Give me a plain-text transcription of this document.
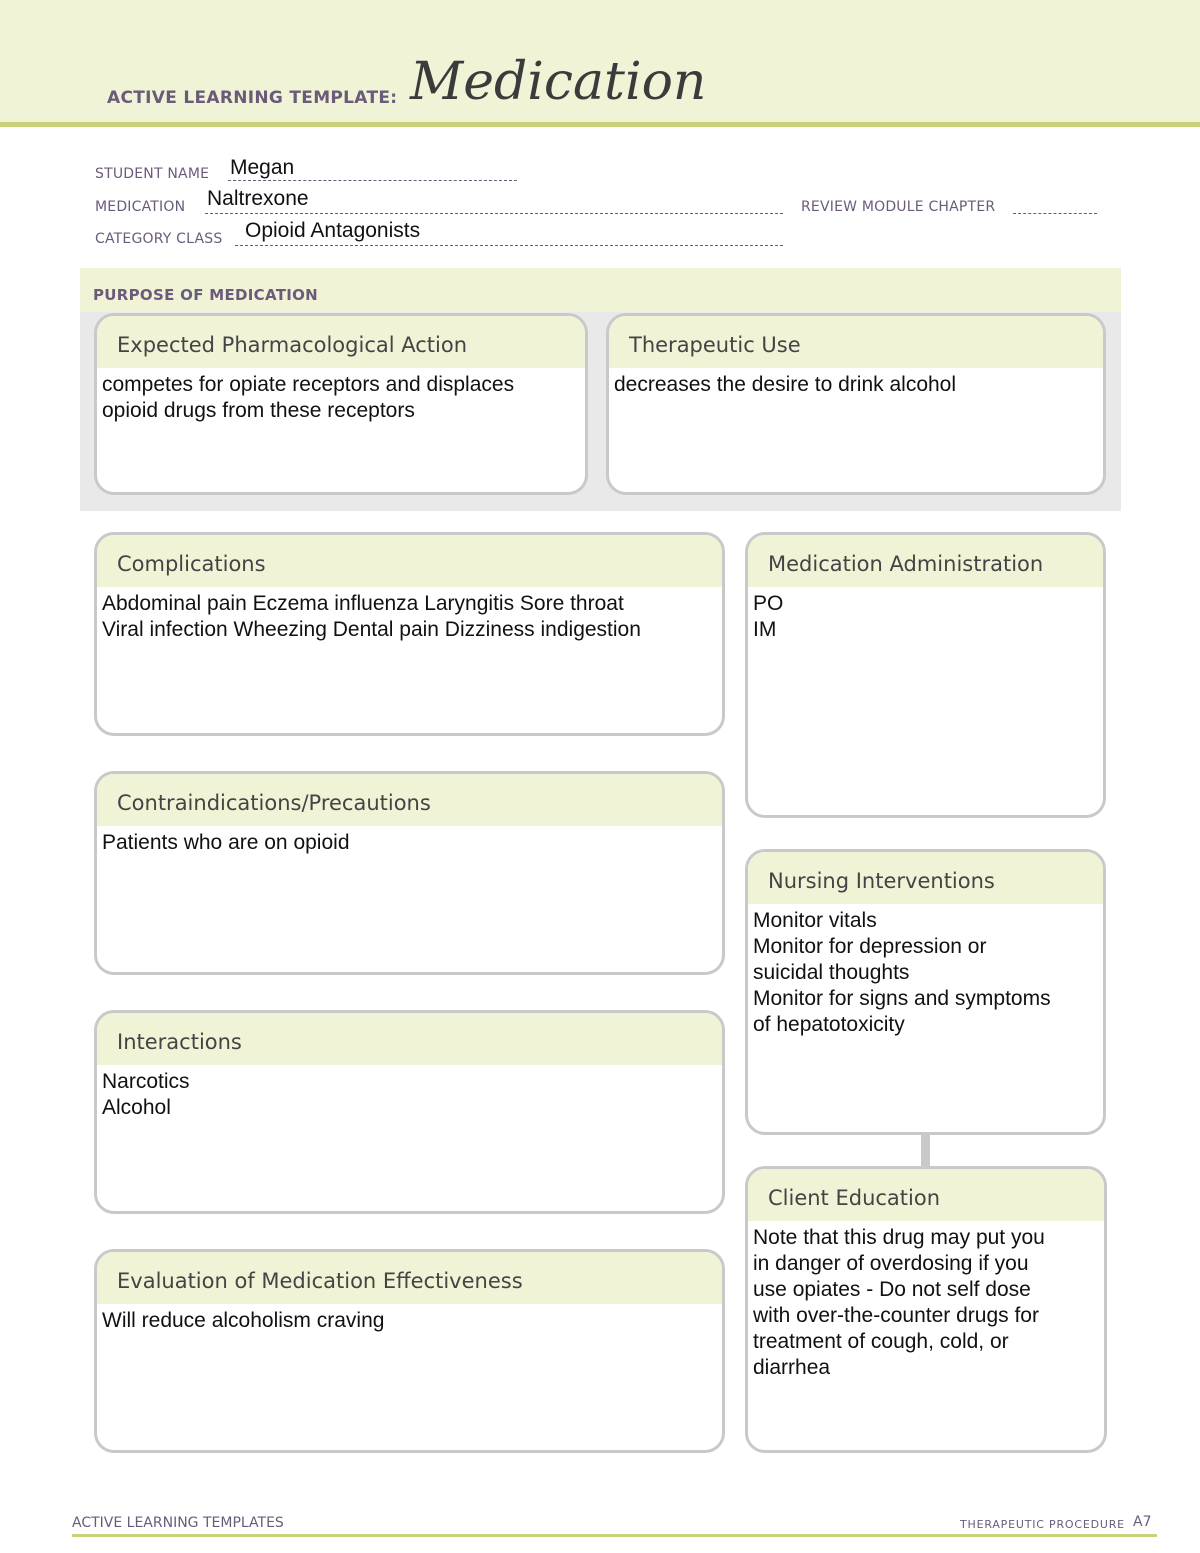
ACTIVE LEARNING TEMPLATE: Medication
STUDENT NAME Megan
MEDICATION Naltrexone	REVIEW MODULE CHAPTER
CATEGORY CLASS Opioid Antagonists
PURPOSE OF MEDICATION
Expected Pharmacological Action
competes for opiate receptors and displaces
opioid drugs from these receptors
Therapeutic Use
decreases the desire to drink alcohol
Complications
Abdominal pain Eczema influenza Laryngitis Sore throat
Viral infection Wheezing Dental pain Dizziness indigestion
Medication Administration
PO
IM
Contraindications/Precautions
Patients who are on opioid
Nursing Interventions
Monitor vitals
Monitor for depression or
suicidal thoughts
Monitor for signs and symptoms
of hepatotoxicity
Interactions
Narcotics
Alcohol
Client Education
Note that this drug may put you
in danger of overdosing if you
use opiates - Do not self dose
with over-the-counter drugs for
treatment of cough, cold, or
diarrhea
Evaluation of Medication Effectiveness
Will reduce alcoholism craving
ACTIVE LEARNING TEMPLATES	THERAPEUTIC PROCEDURE A7
